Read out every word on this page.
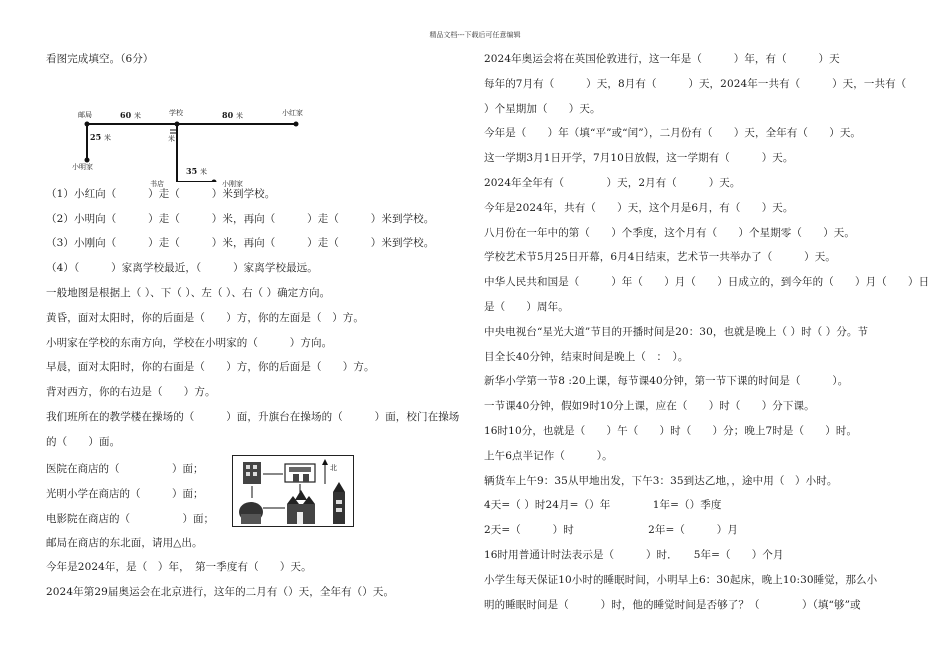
精品文档---下载后可任意编辑
看图完成填空。（6分）
邮局	学校	小红家
小明家
书店	小刚家
米
60 米	80 米
25 米
35 米
（1）小红向（　　　）走（　　　）米到学校。
（2）小明向（　　　）走（　　　）米，再向（　　　）走（　　　）米到学校。
（3）小刚向（　　　）走（　　　）米，再向（　　　）走（　　　）米到学校。
（4）（　　　）家离学校最近，（　　　）家离学校最远。
一般地图是根据上（ ）、下（ ）、左（ ）、右（ ）确定方向。
黄昏，面对太阳时，你的后面是（　　）方，你的左面是（　）方。
小明家在学校的东南方向，学校在小明家的（　　　）方向。
早晨，面对太阳时，你的右面是（　　）方，你的后面是（　　）方。
背对西方，你的右边是（　　）方。
我们班所在的教学楼在操场的（　　　）面，升旗台在操场的（　　　）面，校门在操场
的（　　）面。
医院在商店的（　　　　　）面；
光明小学在商店的（　　　）面；
电影院在商店的（　　　　　）面；
北
邮局在商店的东北面，请用△出。
今年是2024年，是（　）年，　第一季度有（　　）天。
2024年第29届奥运会在北京进行，这年的二月有（）天，全年有（）天。
2024年奥运会将在英国伦敦进行，这一年是（　　　）年，有（　　　）天
每年的7月有（　　　）天，8月有（　　　）天，2024年一共有（　　　）天，一共有（
）个星期加（　　）天。
今年是（　　）年（填“平”或“闰”），二月份有（　　）天，全年有（　　）天。
这一学期3月1日开学，7月10日放假，这一学期有（　　　）天。
2024年全年有（　　　　）天，2月有（　　　）天。
今年是2024年，共有（　　）天，这个月是6月，有（　　）天。
八月份在一年中的第（　　）个季度，这个月有（　　）个星期零（　　）天。
学校艺术节5月25日开幕，6月4日结束，艺术节一共举办了（　　　）天。
中华人民共和国是（　　　）年（　　）月（　　）日成立的，到今年的（　　）月（　　）日
是（　　）周年。
中央电视台“星光大道”节目的开播时间是20：30，也就是晚上（ ）时（ ）分。节
目全长40分钟，结束时间是晚上（　：　）。
新华小学第一节8 :20上课，每节课40分钟，第一节下课的时间是（　　　）。
一节课40分钟，假如9时10分上课，应在（　　）时（　　）分下课。
16时10分，也就是（　　）午（　　）时（　　）分；晚上7时是（　　）时。
上午6点半记作（　　　）。
辆货车上午9：35从甲地出发，下午3：35到达乙地，，途中用（　）小时。
4天=（ ）时24月=（）年　　　　1年=（）季度
2天=（　　　）时　　　　　　　2年=（　　　）月
16时用普通计时法表示是（　　　）时．　　5年=（　　）个月
小学生每天保证10小时的睡眠时间，小明早上6：30起床，晚上10:30睡觉，那么小
明的睡眠时间是（　　　）时，他的睡觉时间是否够了？（　　　　）（填“够”或
